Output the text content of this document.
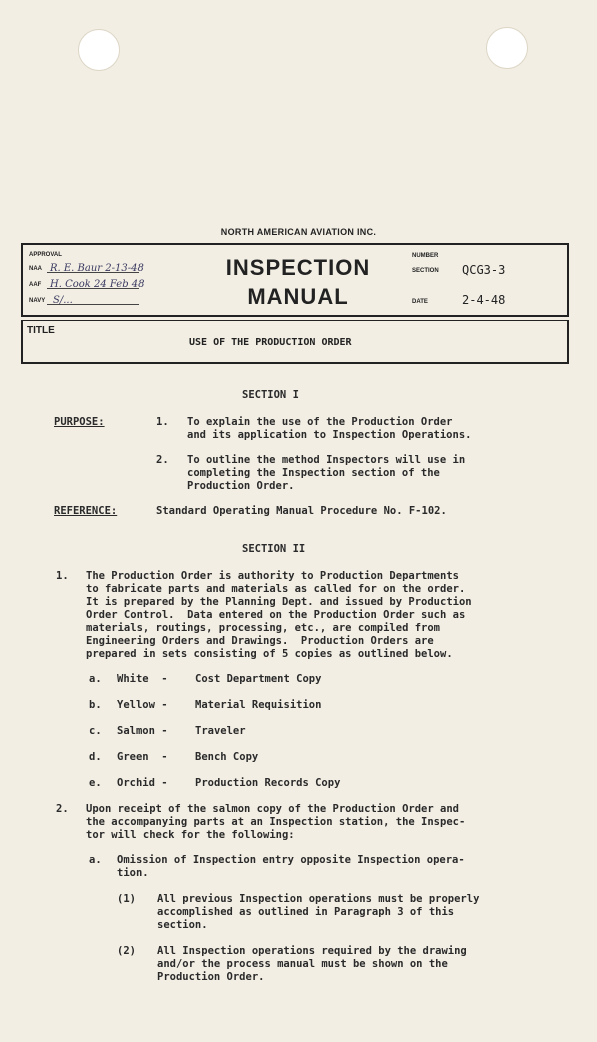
NORTH AMERICAN AVIATION INC.
APPROVAL
NAA R. E. Baur 2-13-48
AAF H. Cook 24 Feb 48
NAVY S/...
INSPECTION
MANUAL
NUMBER
SECTION QCG3-3
DATE	2-4-48
TITLE
USE OF THE PRODUCTION ORDER
SECTION I
PURPOSE:	1. To explain the use of the Production Order
and its application to Inspection Operations.
2. To outline the method Inspectors will use in
completing the Inspection section of the
Production Order.
REFERENCE:	Standard Operating Manual Procedure No. F-102.
SECTION II
1. The Production Order is authority to Production Departments
to fabricate parts and materials as called for on the order.
It is prepared by the Planning Dept. and issued by Production
Order Control.  Data entered on the Production Order such as
materials, routings, processing, etc., are compiled from
Engineering Orders and Drawings.  Production Orders are
prepared in sets consisting of 5 copies as outlined below.
a. White  -	Cost Department Copy
b. Yellow -	Material Requisition
c. Salmon -	Traveler
d. Green  -	Bench Copy
e. Orchid -	Production Records Copy
2. Upon receipt of the salmon copy of the Production Order and
the accompanying parts at an Inspection station, the Inspec-
tor will check for the following:
a. Omission of Inspection entry opposite Inspection opera-
tion.
(1) All previous Inspection operations must be properly
accomplished as outlined in Paragraph 3 of this
section.
(2) All Inspection operations required by the drawing
and/or the process manual must be shown on the
Production Order.
